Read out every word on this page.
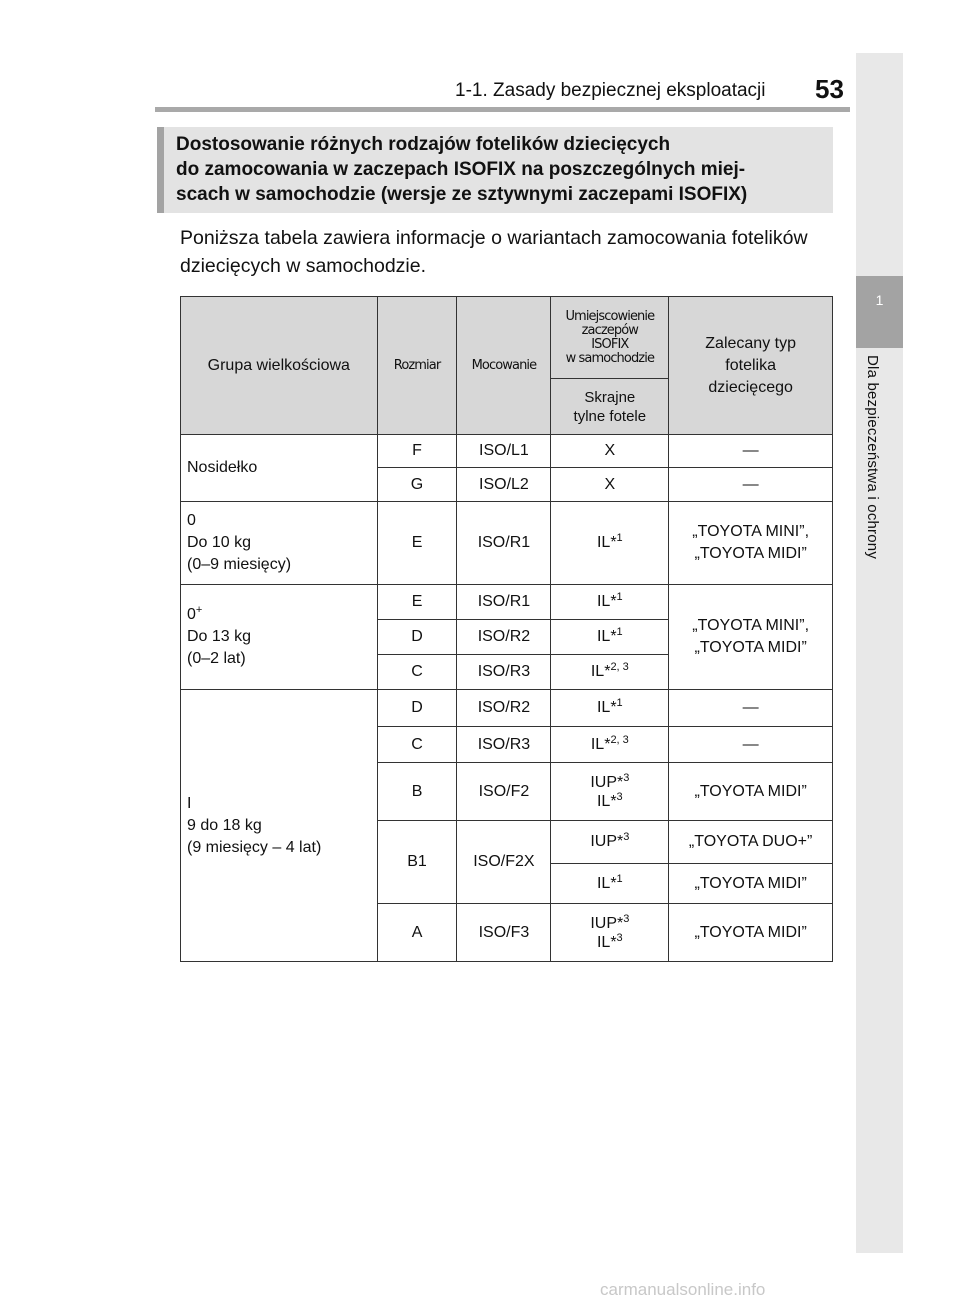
1-1. Zasady bezpiecznej eksploatacji 53
1
Dla bezpieczeństwa i ochrony
Dostosowanie różnych rodzajów fotelików dziecięcych
do zamocowania w zaczepach ISOFIX na poszczególnych miej-
scach w samochodzie (wersje ze sztywnymi zaczepami ISOFIX)
Poniższa tabela zawiera informacje o wariantach zamocowania fotelików
dziecięcych w samochodzie.
Grupa wielkościowa	Rozmiar	Mocowanie	Umiejscowienie
zaczepów
ISOFIX
w samochodzie	Zalecany typ
fotelika
dziecięcego

			Skrajne
tylne fotele	

Nosidełko	F	ISO/L1	X	—
	G	ISO/L2	X	—

0
Do 10 kg
(0–9 miesięcy)	E	ISO/R1	IL*$^1$	„TOYOTA MINI”,
„TOYOTA MIDI”

0+
Do 13 kg
(0–2 lat)	E	ISO/R1	IL*$^1$	„TOYOTA MINI”,
„TOYOTA MIDI”

	D	ISO/R2	IL*$^1$
	C	ISO/R3	IL*$^{2, 3}$

I
9 do 18 kg
(9 miesięcy – 4 lat)	D	ISO/R2	IL*$^1$	—
	C	ISO/R3	IL*$^{2, 3}$	—
	B	ISO/F2	IUP*$^3$
IL*$^3$	„TOYOTA MIDI”
	B1	ISO/F2X	IUP*$^3$	„TOYOTA DUO+”
			IL*$^1$	„TOYOTA MIDI”
	A	ISO/F3	IUP*$^3$
IL*$^3$	„TOYOTA MIDI”
carmanualsonline.info
